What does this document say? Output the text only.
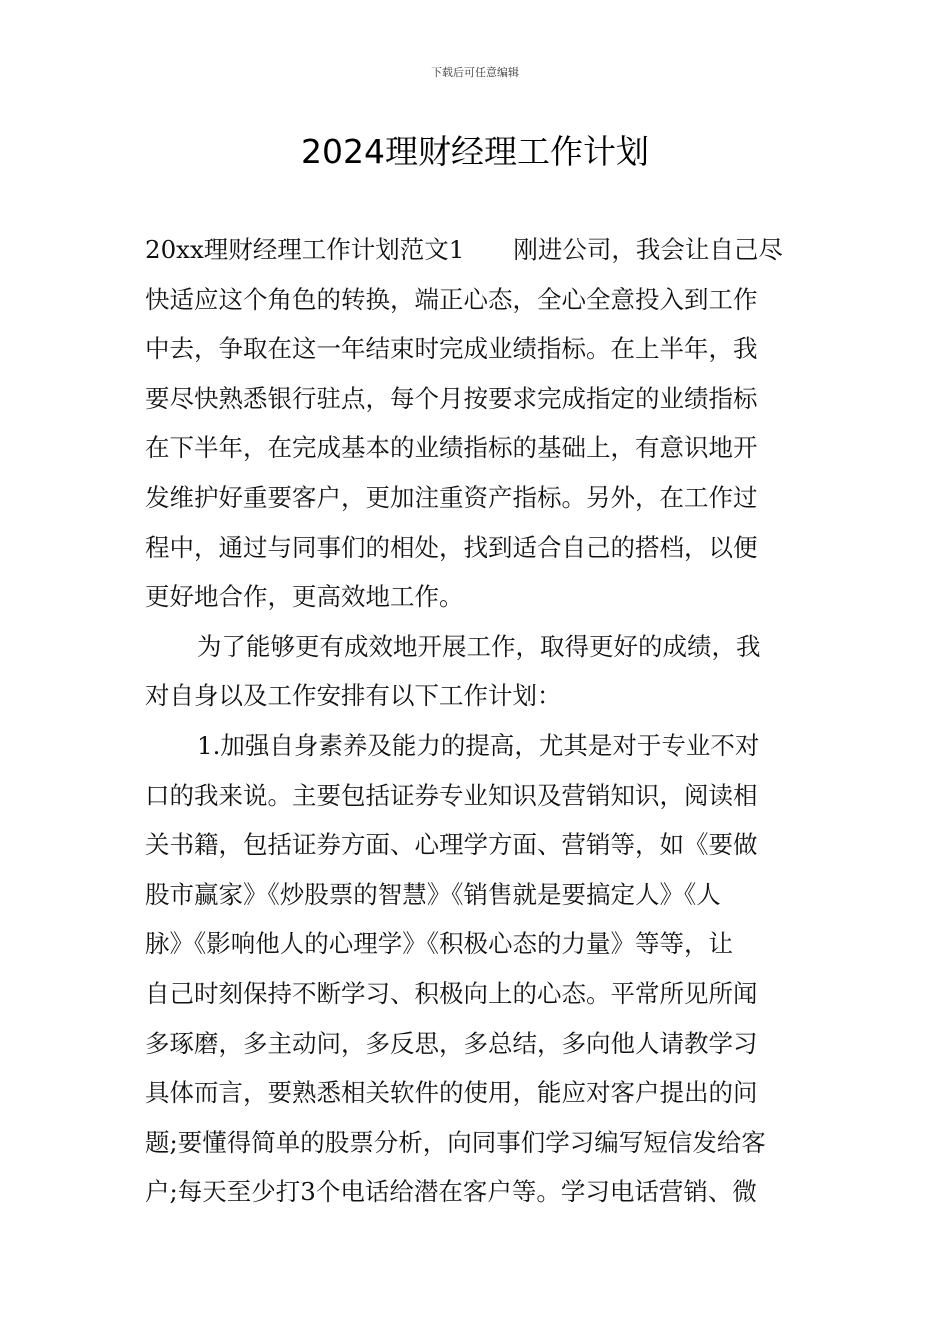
下载后可任意编辑
2024理财经理工作计划
20xx理财经理工作计划范文1　　刚进公司，我会让自己尽
快适应这个角色的转换，端正心态，全心全意投入到工作
中去，争取在这一年结束时完成业绩指标。在上半年，我
要尽快熟悉银行驻点，每个月按要求完成指定的业绩指标
在下半年，在完成基本的业绩指标的基础上，有意识地开
发维护好重要客户，更加注重资产指标。另外，在工作过
程中，通过与同事们的相处，找到适合自己的搭档，以便
更好地合作，更高效地工作。
为了能够更有成效地开展工作，取得更好的成绩，我
对自身以及工作安排有以下工作计划：
1.加强自身素养及能力的提高，尤其是对于专业不对
口的我来说。主要包括证券专业知识及营销知识，阅读相
关书籍，包括证券方面、心理学方面、营销等，如《要做
股市赢家》《炒股票的智慧》《销售就是要搞定人》《人
脉》《影响他人的心理学》《积极心态的力量》等等，让
自己时刻保持不断学习、积极向上的心态。平常所见所闻
多琢磨，多主动问，多反思，多总结，多向他人请教学习
具体而言，要熟悉相关软件的使用，能应对客户提出的问
题;要懂得简单的股票分析，向同事们学习编写短信发给客
户;每天至少打3个电话给潜在客户等。学习电话营销、微
